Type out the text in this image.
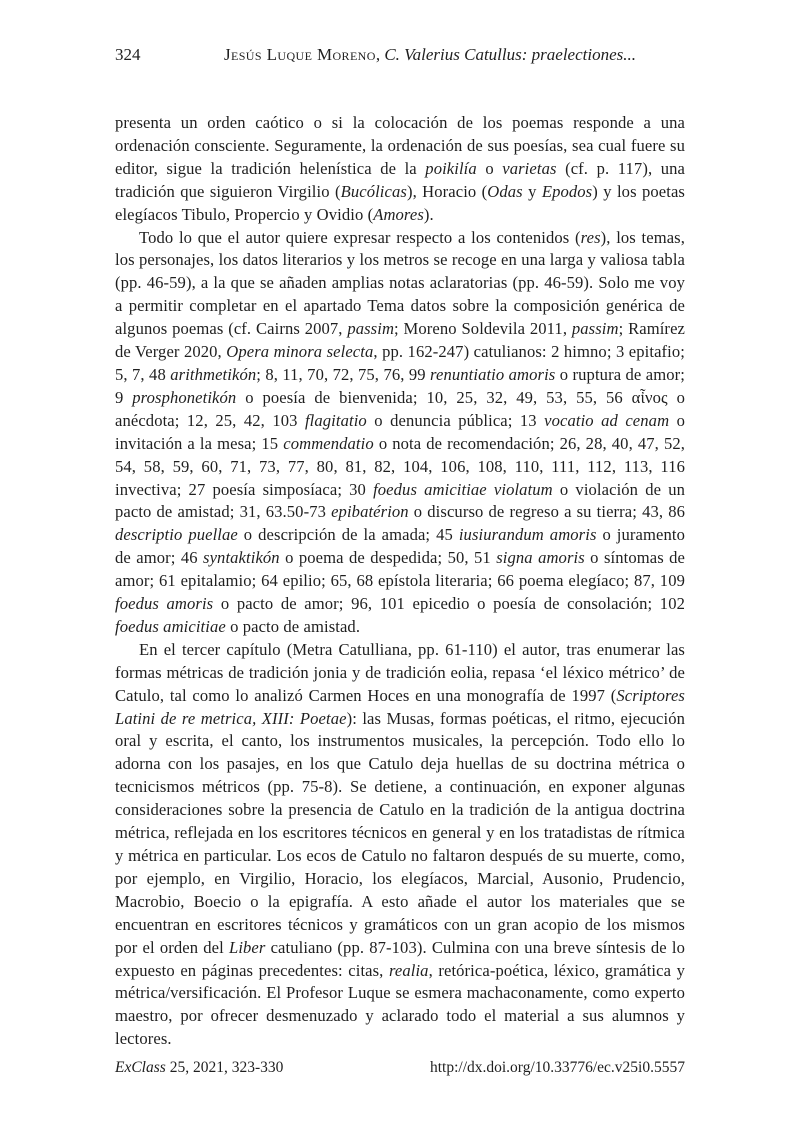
324	Jesús Luque Moreno, C. Valerius Catullus: praelectiones...

presenta un orden caótico o si la colocación de los poemas responde a una ordenación consciente. Seguramente, la ordenación de sus poesías, sea cual fuere su editor, sigue la tradición helenística de la poikilía o varietas (cf. p. 117), una tradición que siguieron Virgilio (Bucólicas), Horacio (Odas y Epodos) y los poetas elegíacos Tibulo, Propercio y Ovidio (Amores).

Todo lo que el autor quiere expresar respecto a los contenidos (res), los temas, los personajes, los datos literarios y los metros se recoge en una larga y valiosa tabla (pp. 46-59), a la que se añaden amplias notas aclaratorias (pp. 46-59). Solo me voy a permitir completar en el apartado Tema datos sobre la composición genérica de algunos poemas (cf. Cairns 2007, passim; Moreno Soldevila 2011, passim; Ramírez de Verger 2020, Opera minora selecta, pp. 162-247) catulianos: 2 himno; 3 epitafio; 5, 7, 48 arithmetikón; 8, 11, 70, 72, 75, 76, 99 renuntiatio amoris o ruptura de amor; 9 prosphonetikón o poesía de bienvenida; 10, 25, 32, 49, 53, 55, 56 αἶνος o anécdota; 12, 25, 42, 103 flagitatio o denuncia pública; 13 vocatio ad cenam o invitación a la mesa; 15 commendatio o nota de recomendación; 26, 28, 40, 47, 52, 54, 58, 59, 60, 71, 73, 77, 80, 81, 82, 104, 106, 108, 110, 111, 112, 113, 116 invectiva; 27 poesía simposíaca; 30 foedus amicitiae violatum o violación de un pacto de amistad; 31, 63.50-73 epibatérion o discurso de regreso a su tierra; 43, 86 descriptio puellae o descripción de la amada; 45 iusiurandum amoris o juramento de amor; 46 syntaktikón o poema de despedida; 50, 51 signa amoris o síntomas de amor; 61 epitalamio; 64 epilio; 65, 68 epístola literaria; 66 poema elegíaco; 87, 109 foedus amoris o pacto de amor; 96, 101 epicedio o poesía de consolación; 102 foedus amicitiae o pacto de amistad.

En el tercer capítulo (Metra Catulliana, pp. 61-110) el autor, tras enumerar las formas métricas de tradición jonia y de tradición eolia, repasa ‘el léxico métrico’ de Catulo, tal como lo analizó Carmen Hoces en una monografía de 1997 (Scriptores Latini de re metrica, XIII: Poetae): las Musas, formas poéticas, el ritmo, ejecución oral y escrita, el canto, los instrumentos musicales, la percepción. Todo ello lo adorna con los pasajes, en los que Catulo deja huellas de su doctrina métrica o tecnicismos métricos (pp. 75-8). Se detiene, a continuación, en exponer algunas consideraciones sobre la presencia de Catulo en la tradición de la antigua doctrina métrica, reflejada en los escritores técnicos en general y en los tratadistas de rítmica y métrica en particular. Los ecos de Catulo no faltaron después de su muerte, como, por ejemplo, en Virgilio, Horacio, los elegíacos, Marcial, Ausonio, Prudencio, Macrobio, Boecio o la epigrafía. A esto añade el autor los materiales que se encuentran en escritores técnicos y gramáticos con un gran acopio de los mismos por el orden del Liber catuliano (pp. 87-103). Culmina con una breve síntesis de lo expuesto en páginas precedentes: citas, realia, retórica-poética, léxico, gramática y métrica/versificación. El Profesor Luque se esmera machaconamente, como experto maestro, por ofrecer desmenuzado y aclarado todo el material a sus alumnos y lectores.

ExClass 25, 2021, 323-330	http://dx.doi.org/10.33776/ec.v25i0.5557
